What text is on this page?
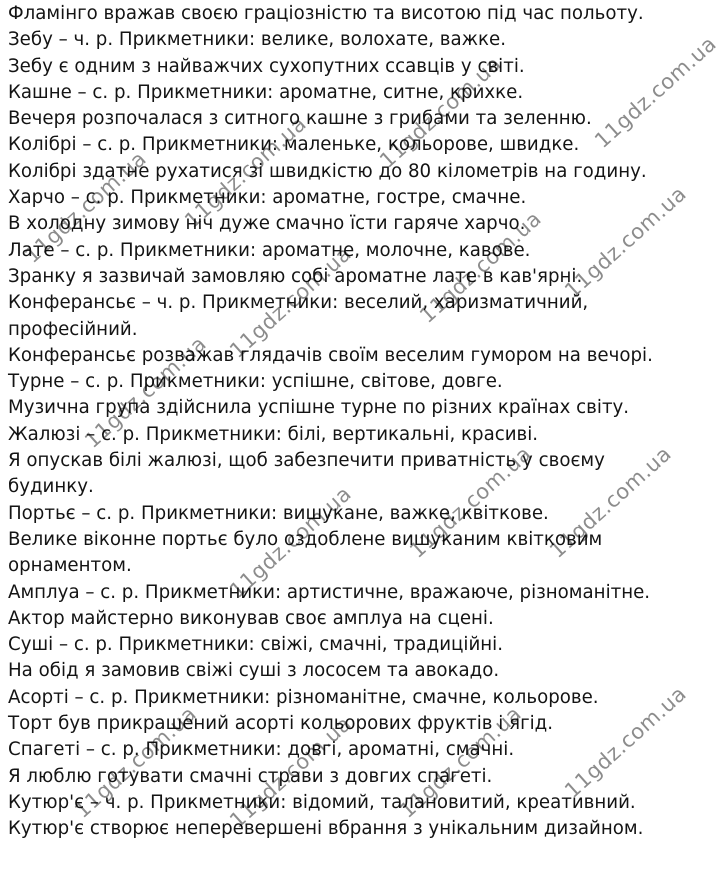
Фламінго вражав своєю граціозністю та висотою під час польоту.
Зебу – ч. р. Прикметники: велике, волохате, важке.
Зебу є одним з найважчих сухопутних ссавців у світі.
Кашне – с. р. Прикметники: ароматне, ситне, крихке.
Вечеря розпочалася з ситного кашне з грибами та зеленню.
Колібрі – с. р. Прикметники: маленьке, кольорове, швидке.
Колібрі здатне рухатися зі швидкістю до 80 кілометрів на годину.
Харчо – с. р. Прикметники: ароматне, гостре, смачне.
В холодну зимову ніч дуже смачно їсти гаряче харчо.
Лате – с. р. Прикметники: ароматне, молочне, кавове.
Зранку я зазвичай замовляю собі ароматне лате в кав'ярні.
Конферансьє – ч. р. Прикметники: веселий, харизматичний,
професійний.
Конферансьє розважав глядачів своїм веселим гумором на вечорі.
Турне – с. р. Прикметники: успішне, світове, довге.
Музична група здійснила успішне турне по різних країнах світу.
Жалюзі – с. р. Прикметники: білі, вертикальні, красиві.
Я опускав білі жалюзі, щоб забезпечити приватність у своєму
будинку.
Портьє – с. р. Прикметники: вишукане, важке, квіткове.
Велике віконне портьє було оздоблене вишуканим квітковим
орнаментом.
Амплуа – с. р. Прикметники: артистичне, вражаюче, різноманітне.
Актор майстерно виконував своє амплуа на сцені.
Суші – с. р. Прикметники: свіжі, смачні, традиційні.
На обід я замовив свіжі суші з лососем та авокадо.
Асорті – с. р. Прикметники: різноманітне, смачне, кольорове.
Торт був прикрашений асорті кольорових фруктів і ягід.
Спагеті – с. р. Прикметники: довгі, ароматні, смачні.
Я люблю готувати смачні страви з довгих спагеті.
Кутюр'є – ч. р. Прикметники: відомий, талановитий, креативний.
Кутюр'є створює неперевершені вбрання з унікальним дизайном.
11gdz.com.ua 11gdz.com.ua
11gdz.com.ua
11gdz.com.ua
11gdz.com.ua
11gdz.com.ua
11gdz.com.ua
11gdz.com.ua
11gdz.com.ua 11gdz.com.ua 11gdz.com.ua
11gdz.com.ua 11gdz.com.ua 11gdz.com.ua 11gdz.com.ua
